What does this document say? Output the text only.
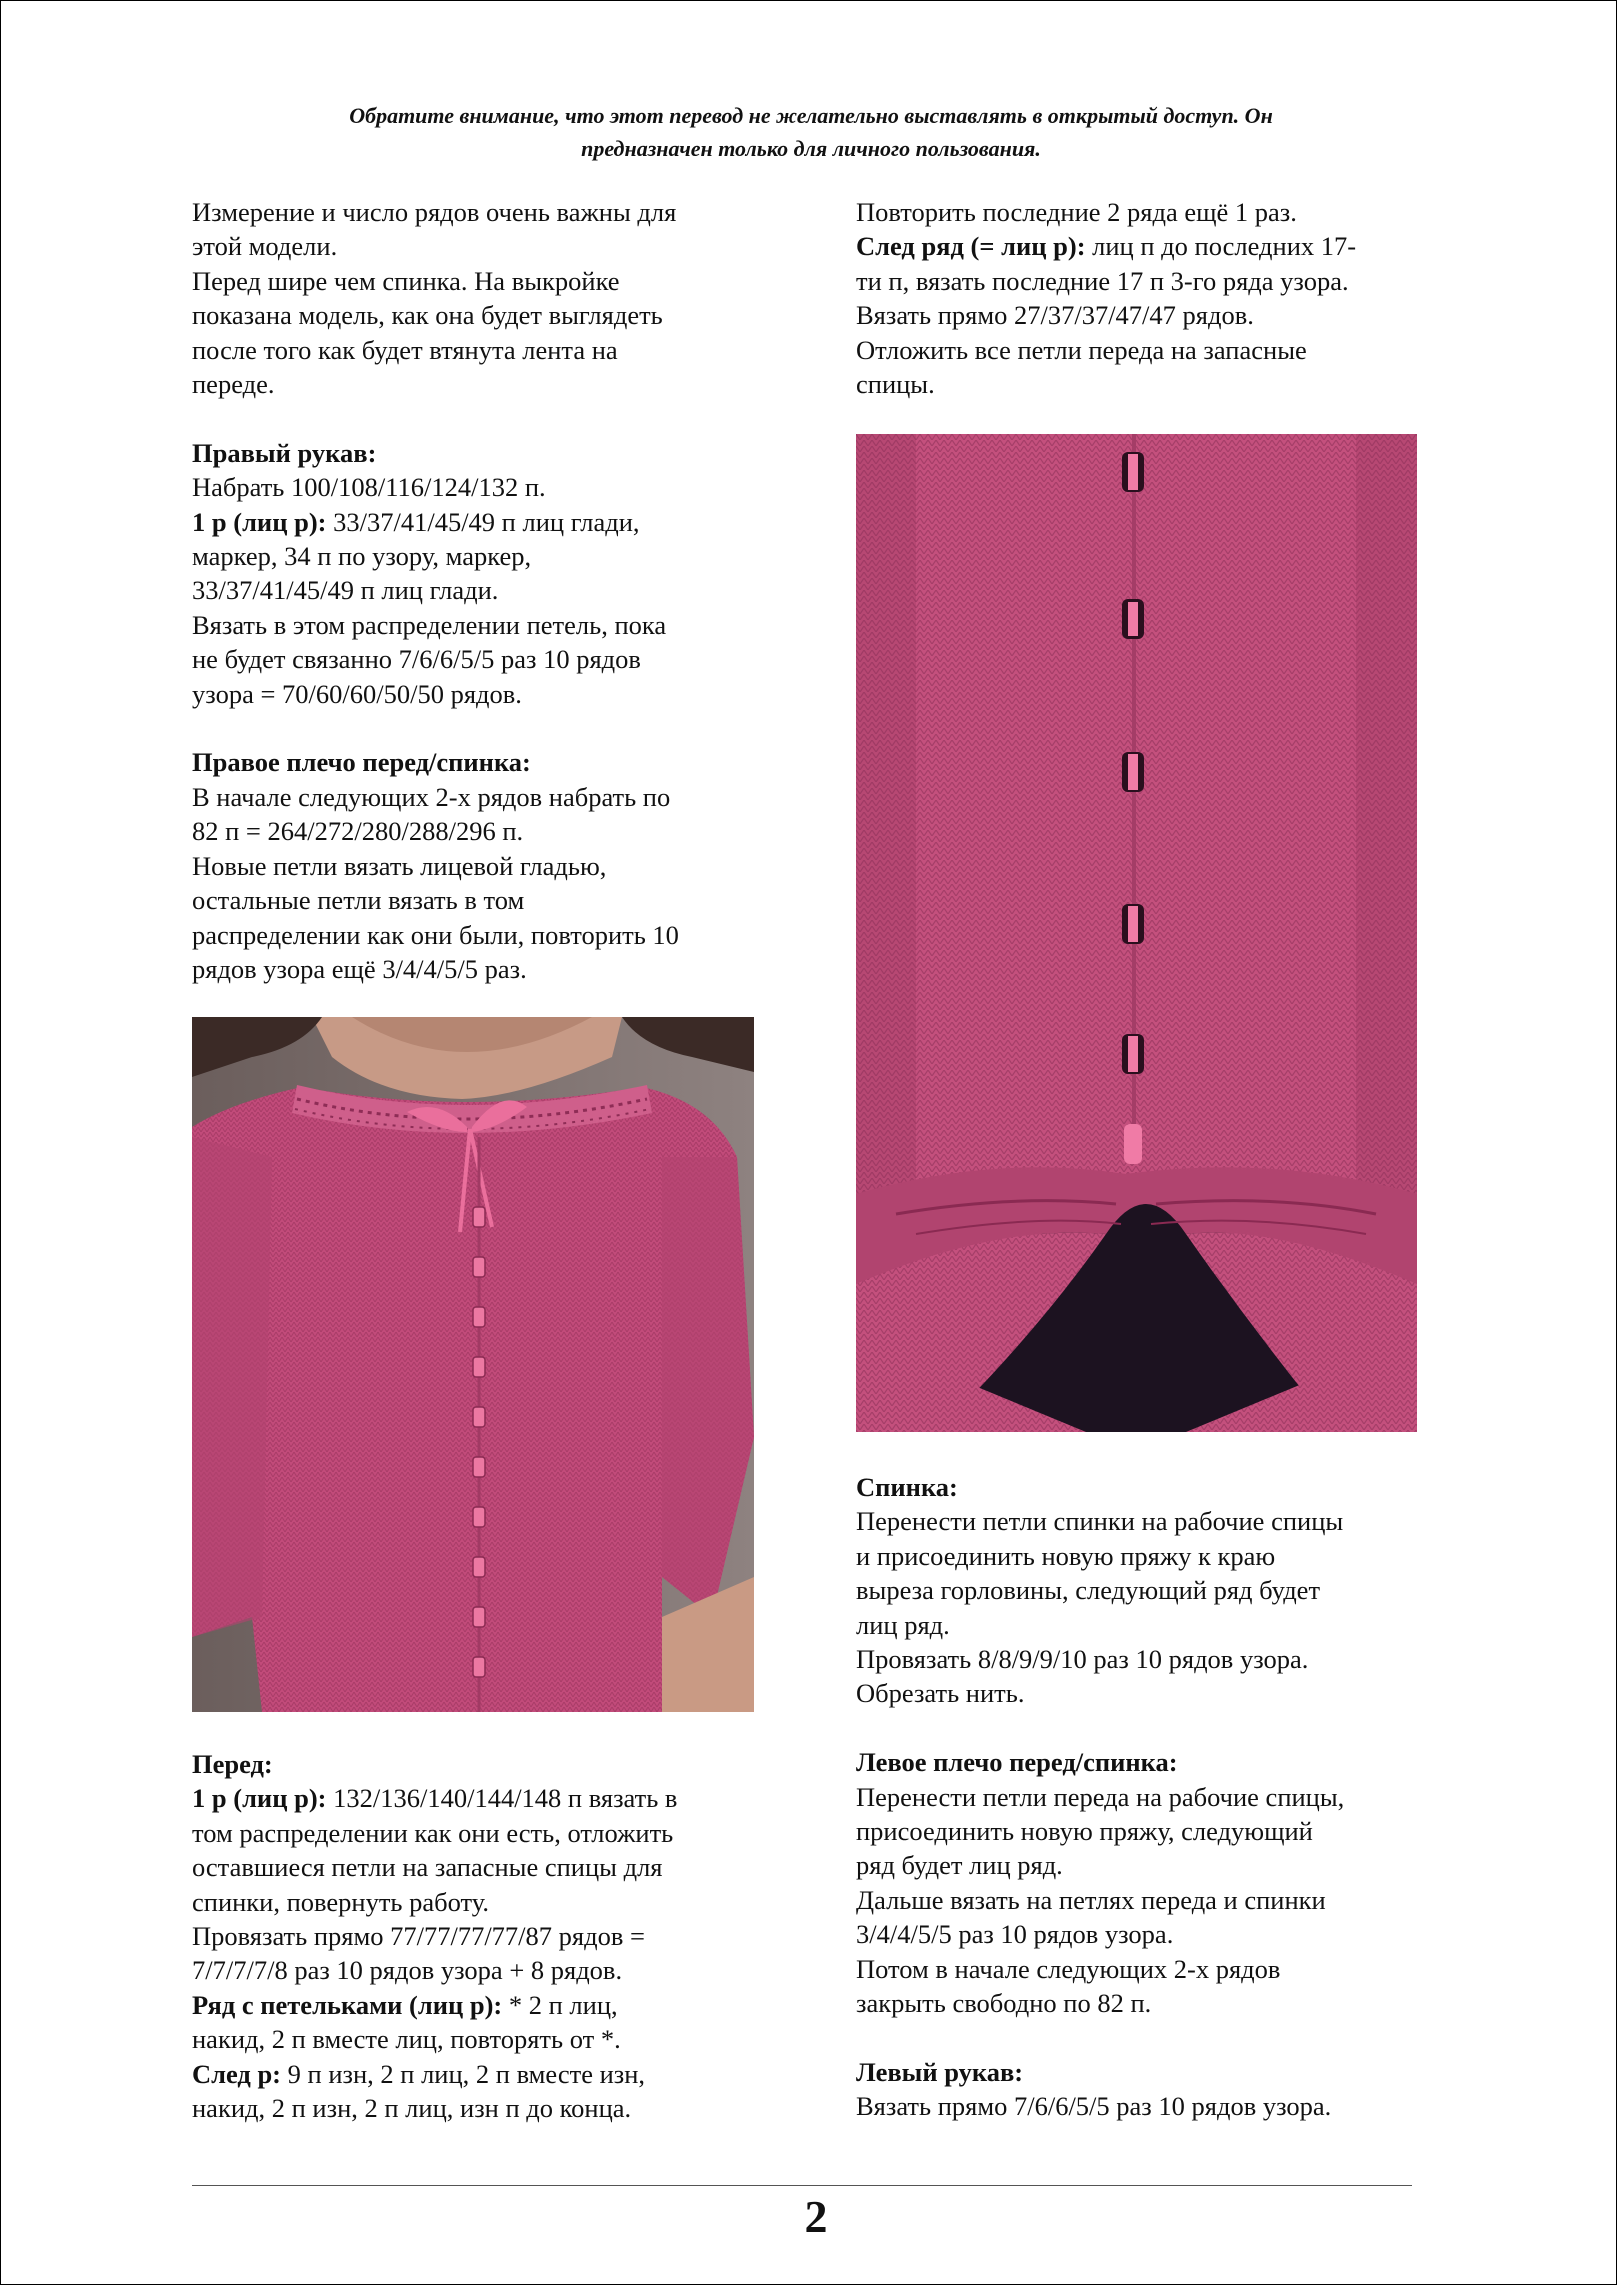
Обратите внимание, что этот перевод не желательно выставлять в открытый доступ. Он
предназначен только для личного пользования.

Измерение и число рядов очень важны для

этой модели.

Перед шире чем спинка. На выкройке

показана модель, как она будет выглядеть

после того как будет втянута лента на

переде.

Правый рукав:

Набрать 100/108/116/124/132 п.

1 р (лиц р): 33/37/41/45/49 п лиц глади,

маркер, 34 п по узору, маркер,

33/37/41/45/49 п лиц глади.

Вязать в этом распределении петель, пока

не будет связанно 7/6/6/5/5 раз 10 рядов

узора = 70/60/60/50/50 рядов.

Правое плечо перед/спинка:

В начале следующих 2-х рядов набрать по

82 п = 264/272/280/288/296 п.

Новые петли вязать лицевой гладью,

остальные петли вязать в том

распределении как они были, повторить 10

рядов узора ещё 3/4/4/5/5 раз.

Перед:

1 р (лиц р): 132/136/140/144/148 п вязать в

том распределении как они есть, отложить

оставшиеся петли на запасные спицы для

спинки, повернуть работу.

Провязать прямо 77/77/77/77/87 рядов =

7/7/7/7/8 раз 10 рядов узора + 8 рядов.

Ряд с петельками (лиц р): * 2 п лиц,

накид, 2 п вместе лиц, повторять от *.

След р: 9 п изн, 2 п лиц, 2 п вместе изн,

накид, 2 п изн, 2 п лиц, изн п до конца.

Повторить последние 2 ряда ещё 1 раз.

След ряд (= лиц р): лиц п до последних 17-

ти п, вязать последние 17 п 3-го ряда узора.

Вязать прямо 27/37/37/47/47 рядов.

Отложить все петли переда на запасные

спицы.

Спинка:

Перенести петли спинки на рабочие спицы

и присоединить новую пряжу к краю

выреза горловины, следующий ряд будет

лиц ряд.

Провязать 8/8/9/9/10 раз 10 рядов узора.

Обрезать нить.

Левое плечо перед/спинка:

Перенести петли переда на рабочие спицы,

присоединить новую пряжу, следующий

ряд будет лиц ряд.

Дальше вязать на петлях переда и спинки

3/4/4/5/5 раз 10 рядов узора.

Потом в начале следующих 2-х рядов

закрыть свободно по 82 п.

Левый рукав:

Вязать прямо 7/6/6/5/5 раз 10 рядов узора.

2
